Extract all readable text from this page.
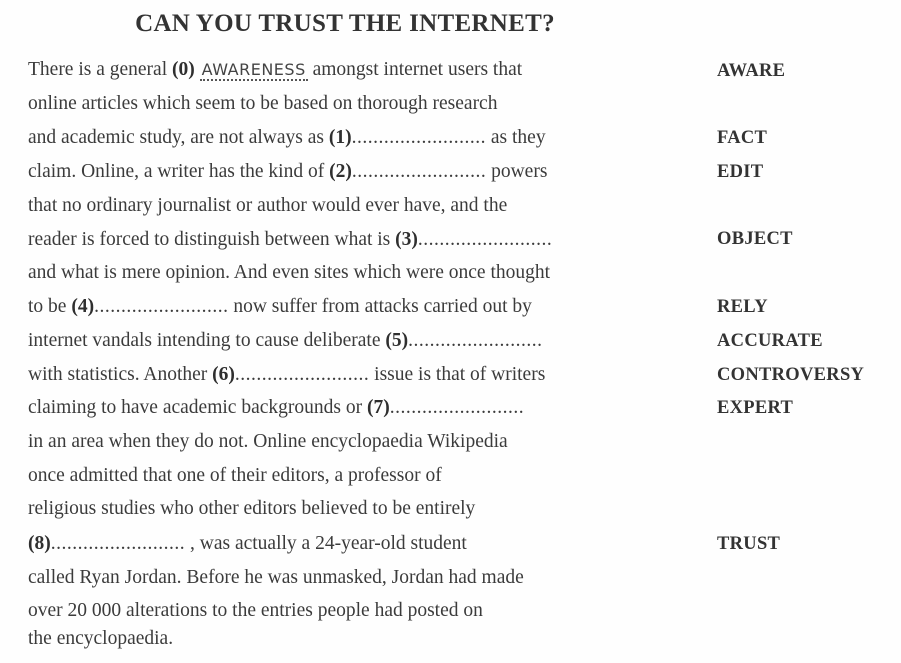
CAN YOU TRUST THE INTERNET?
There is a general (0) AWARENESS amongst internet users that
online articles which seem to be based on thorough research
and academic study, are not always as (1)......................... as they
claim. Online, a writer has the kind of (2)......................... powers
that no ordinary journalist or author would ever have, and the
reader is forced to distinguish between what is (3).........................
and what is mere opinion. And even sites which were once thought
to be (4)......................... now suffer from attacks carried out by
internet vandals intending to cause deliberate (5).........................
with statistics. Another (6)......................... issue is that of writers
claiming to have academic backgrounds or (7).........................
in an area when they do not. Online encyclopaedia Wikipedia
once admitted that one of their editors, a professor of
religious studies who other editors believed to be entirely
(8)......................... , was actually a 24-year-old student
called Ryan Jordan. Before he was unmasked, Jordan had made
over 20 000 alterations to the entries people had posted on
the encyclopaedia.
AWARE
FACT
EDIT
OBJECT
RELY
ACCURATE
CONTROVERSY
EXPERT
TRUST
